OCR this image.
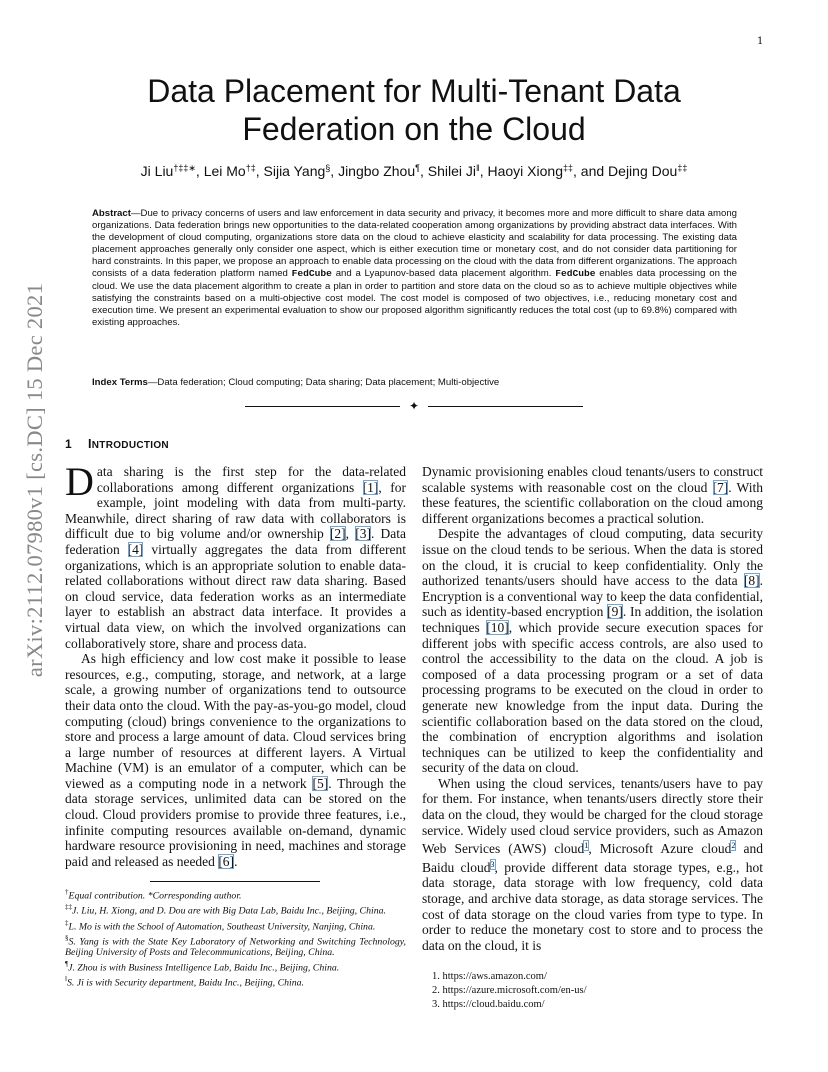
1
arXiv:2112.07980v1 [cs.DC] 15 Dec 2021
Data Placement for Multi-Tenant Data
Federation on the Cloud
Ji Liu†‡‡∗, Lei Mo†‡, Sijia Yang§, Jingbo Zhou¶, Shilei Ji‖, Haoyi Xiong‡‡, and Dejing Dou‡‡
Abstract—Due to privacy concerns of users and law enforcement in data security and privacy, it becomes more and more difficult to share data among organizations. Data federation brings new opportunities to the data-related cooperation among organizations by providing abstract data interfaces. With the development of cloud computing, organizations store data on the cloud to achieve elasticity and scalability for data processing. The existing data placement approaches generally only consider one aspect, which is either execution time or monetary cost, and do not consider data partitioning for hard constraints. In this paper, we propose an approach to enable data processing on the cloud with the data from different organizations. The approach consists of a data federation platform named FedCube and a Lyapunov-based data placement algorithm. FedCube enables data processing on the cloud. We use the data placement algorithm to create a plan in order to partition and store data on the cloud so as to achieve multiple objectives while satisfying the constraints based on a multi-objective cost model. The cost model is composed of two objectives, i.e., reducing monetary cost and execution time. We present an experimental evaluation to show our proposed algorithm significantly reduces the total cost (up to 69.8%) compared with existing approaches.
Index Terms—Data federation; Cloud computing; Data sharing; Data placement; Multi-objective
✦
1 INTRODUCTION

Data sharing is the first step for the data-related collaborations among different organizations [1], for example, joint modeling with data from multi-party. Meanwhile, direct sharing of raw data with collaborators is difficult due to big volume and/or ownership [2], [3]. Data federation [4] virtually aggregates the data from different organizations, which is an appropriate solution to enable data-related collaborations without direct raw data sharing. Based on cloud service, data federation works as an intermediate layer to establish an abstract data interface. It provides a virtual data view, on which the involved organizations can collaboratively store, share and process data.

As high efficiency and low cost make it possible to lease resources, e.g., computing, storage, and network, at a large scale, a growing number of organizations tend to outsource their data onto the cloud. With the pay-as-you-go model, cloud computing (cloud) brings convenience to the organizations to store and process a large amount of data. Cloud services bring a large number of resources at different layers. A Virtual Machine (VM) is an emulator of a computer, which can be viewed as a computing node in a network [5]. Through the data storage services, unlimited data can be stored on the cloud. Cloud providers promise to provide three features, i.e., infinite computing resources available on-demand, dynamic hardware resource provisioning in need, machines and storage paid and released as needed [6].

Dynamic provisioning enables cloud tenants/users to construct scalable systems with reasonable cost on the cloud [7]. With these features, the scientific collaboration on the cloud among different organizations becomes a practical solution.

Despite the advantages of cloud computing, data security issue on the cloud tends to be serious. When the data is stored on the cloud, it is crucial to keep confidentiality. Only the authorized tenants/users should have access to the data [8]. Encryption is a conventional way to keep the data confidential, such as identity-based encryption [9]. In addition, the isolation techniques [10], which provide secure execution spaces for different jobs with specific access controls, are also used to control the accessibility to the data on the cloud. A job is composed of a data processing program or a set of data processing programs to be executed on the cloud in order to generate new knowledge from the input data. During the scientific collaboration based on the data stored on the cloud, the combination of encryption algorithms and isolation techniques can be utilized to keep the confidentiality and security of the data on cloud.

When using the cloud services, tenants/users have to pay for them. For instance, when tenants/users directly store their data on the cloud, they would be charged for the cloud storage service. Widely used cloud service providers, such as Amazon Web Services (AWS) cloud$^1$, Microsoft Azure cloud$^2$ and Baidu cloud$^3$, provide different data storage types, e.g., hot data storage, data storage with low frequency, cold data storage, and archive data storage, as data storage services. The cost of data storage on the cloud varies from type to type. In order to reduce the monetary cost to store and to process the data on the cloud, it is

†Equal contribution. *Corresponding author.

‡‡J. Liu, H. Xiong, and D. Dou are with Big Data Lab, Baidu Inc., Beijing, China.

‡L. Mo is with the School of Automation, Southeast University, Nanjing, China.

§S. Yang is with the State Key Laboratory of Networking and Switching Technology, Beijing University of Posts and Telecommunications, Beijing, China.

¶J. Zhou is with Business Intelligence Lab, Baidu Inc., Beijing, China.

‖S. Ji is with Security department, Baidu Inc., Beijing, China.

1. https://aws.amazon.com/

2. https://azure.microsoft.com/en-us/

3. https://cloud.baidu.com/
